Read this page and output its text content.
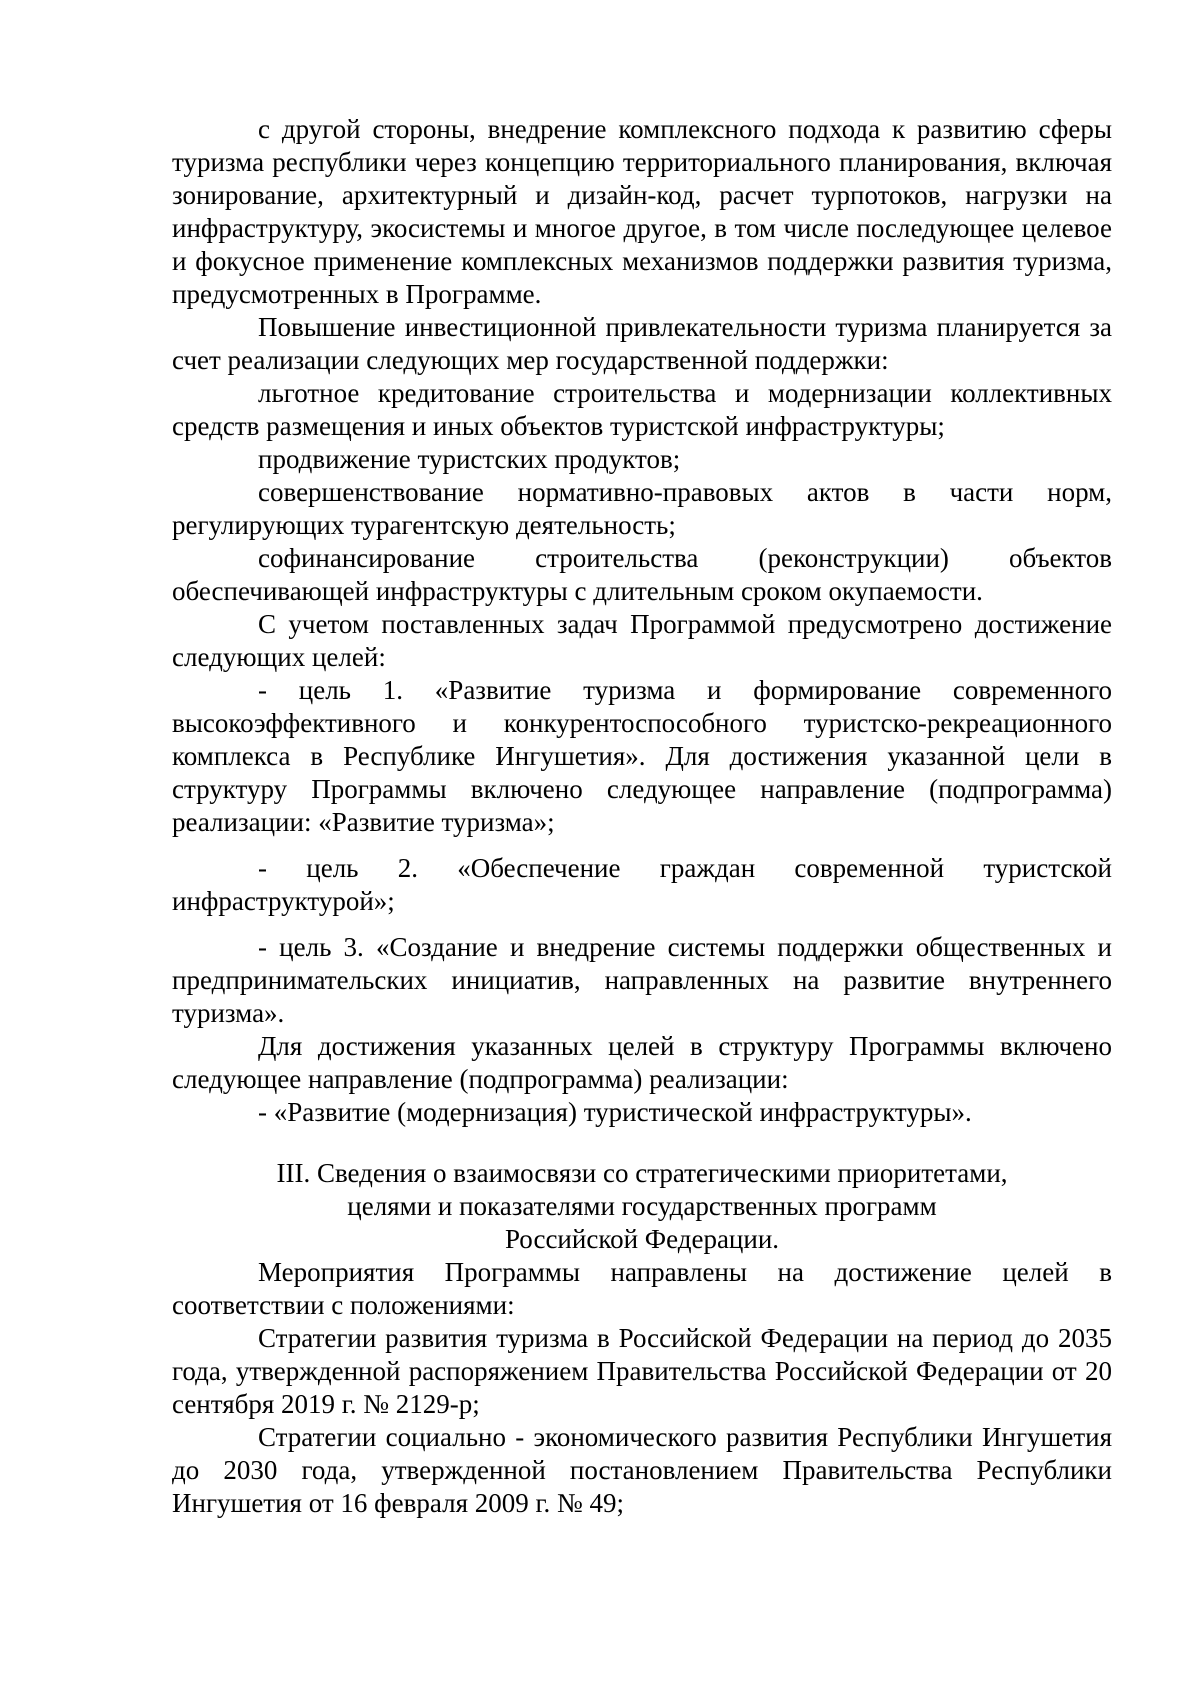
с другой стороны, внедрение комплексного подхода к развитию сферы туризма республики через концепцию территориального планирования, включая зонирование, архитектурный и дизайн-код, расчет турпотоков, нагрузки на инфраструктуру, экосистемы и многое другое, в том числе последующее целевое и фокусное применение комплексных механизмов поддержки развития туризма, предусмотренных в Программе.

Повышение инвестиционной привлекательности туризма планируется за счет реализации следующих мер государственной поддержки:

льготное кредитование строительства и модернизации коллективных средств размещения и иных объектов туристской инфраструктуры;

продвижение туристских продуктов;

совершенствование нормативно-правовых актов в части норм, регулирующих турагентскую деятельность;

софинансирование строительства (реконструкции) объектов обеспечивающей инфраструктуры с длительным сроком окупаемости.

С учетом поставленных задач Программой предусмотрено достижение следующих целей:

- цель 1. «Развитие туризма и формирование современного высокоэффективного и конкурентоспособного туристско-рекреационного комплекса в Республике Ингушетия». Для достижения указанной цели в структуру Программы включено следующее направление (подпрограмма) реализации: «Развитие туризма»;

- цель 2. «Обеспечение граждан современной туристской инфраструктурой»;

- цель 3. «Создание и внедрение системы поддержки общественных и предпринимательских инициатив, направленных на развитие внутреннего туризма».

Для достижения указанных целей в структуру Программы включено следующее направление (подпрограмма) реализации:

- «Развитие (модернизация) туристической инфраструктуры».

III. Сведения о взаимосвязи со стратегическими приоритетами,

целями и показателями государственных программ

Российской Федерации.

Мероприятия Программы направлены на достижение целей в соответствии с положениями:

Стратегии развития туризма в Российской Федерации на период до 2035 года, утвержденной распоряжением Правительства Российской Федерации от 20 сентября 2019 г. № 2129-р;

Стратегии социально - экономического развития Республики Ингушетия до 2030 года, утвержденной постановлением Правительства Республики Ингушетия от 16 февраля 2009 г. № 49;
